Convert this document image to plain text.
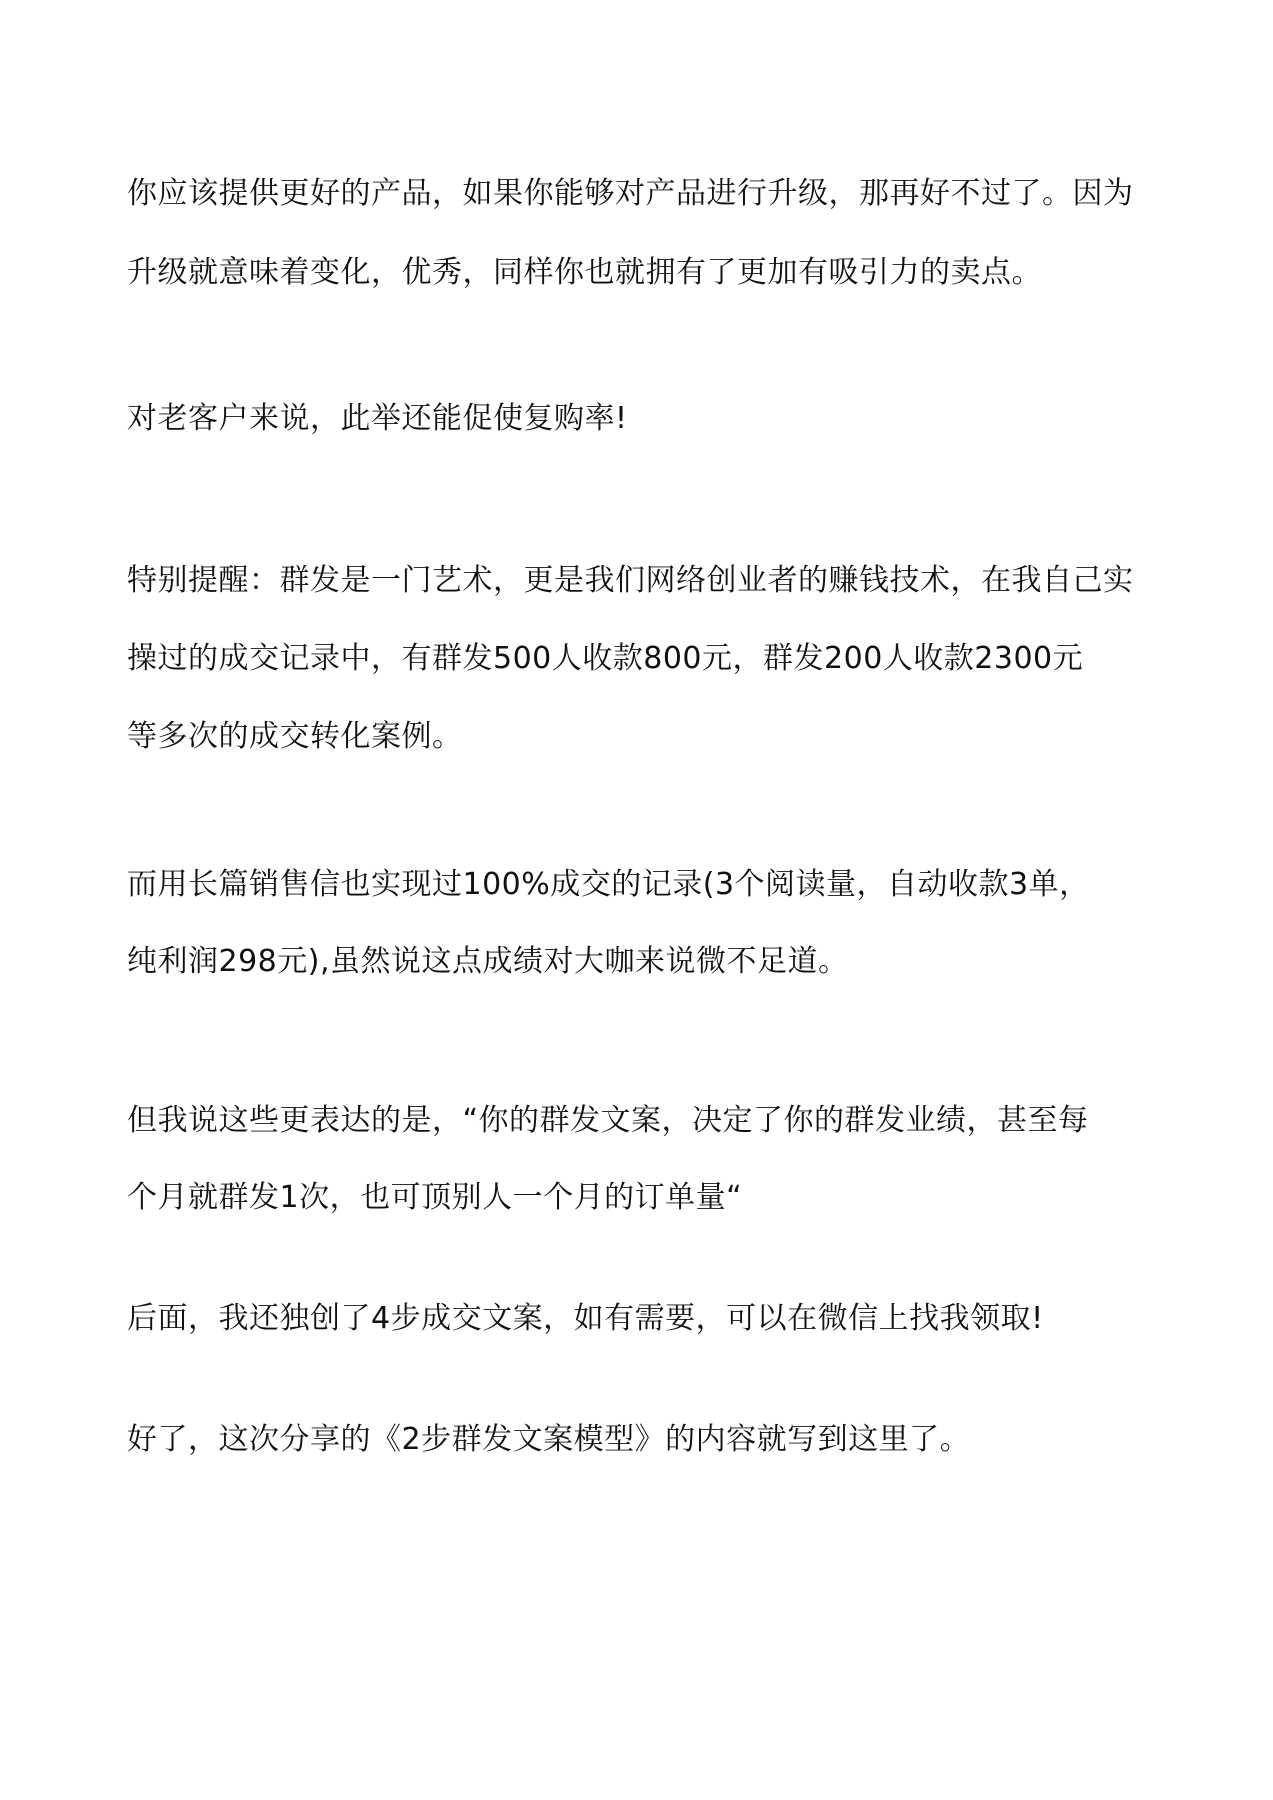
你应该提供更好的产品，如果你能够对产品进行升级，那再好不过了。因为
升级就意味着变化，优秀，同样你也就拥有了更加有吸引力的卖点。
对老客户来说，此举还能促使复购率!
特别提醒：群发是一门艺术，更是我们网络创业者的赚钱技术，在我自己实
操过的成交记录中，有群发500人收款800元，群发200人收款2300元
等多次的成交转化案例。
而用长篇销售信也实现过100%成交的记录(3个阅读量，自动收款3单，
纯利润298元),虽然说这点成绩对大咖来说微不足道。
但我说这些更表达的是，“你的群发文案，决定了你的群发业绩，甚至每
个月就群发1次，也可顶别人一个月的订单量“
后面，我还独创了4步成交文案，如有需要，可以在微信上找我领取!
好了，这次分享的《2步群发文案模型》的内容就写到这里了。
